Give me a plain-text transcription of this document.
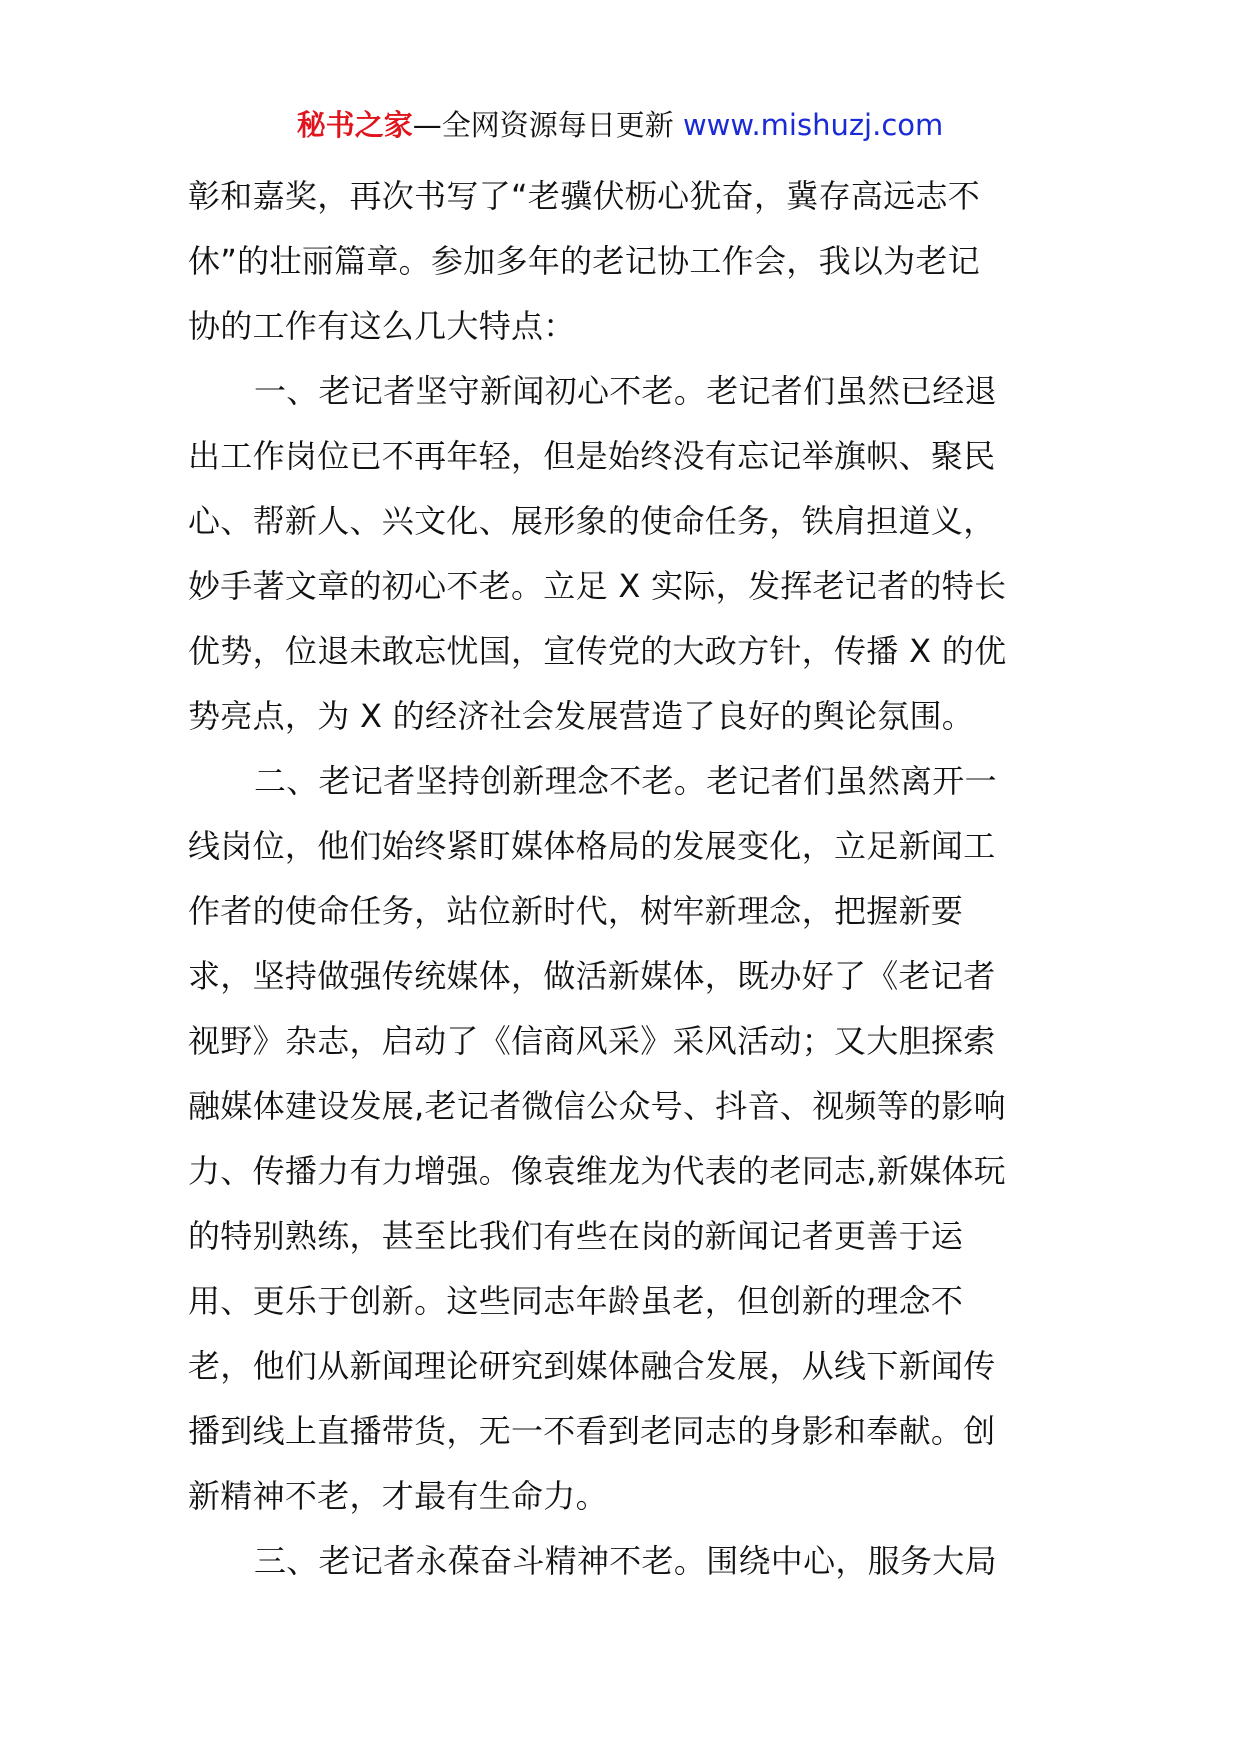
秘书之家—全网资源每日更新 www.mishuzj.com
彰和嘉奖，再次书写了“老骥伏枥心犹奋，冀存高远志不
休”的壮丽篇章。参加多年的老记协工作会，我以为老记
协的工作有这么几大特点：
一、老记者坚守新闻初心不老。老记者们虽然已经退
出工作岗位已不再年轻，但是始终没有忘记举旗帜、聚民
心、帮新人、兴文化、展形象的使命任务，铁肩担道义，
妙手著文章的初心不老。立足 X 实际，发挥老记者的特长
优势，位退未敢忘忧国，宣传党的大政方针，传播 X 的优
势亮点，为 X 的经济社会发展营造了良好的舆论氛围。
二、老记者坚持创新理念不老。老记者们虽然离开一
线岗位，他们始终紧盯媒体格局的发展变化，立足新闻工
作者的使命任务，站位新时代，树牢新理念，把握新要
求，坚持做强传统媒体，做活新媒体，既办好了《老记者
视野》杂志，启动了《信商风采》采风活动；又大胆探索
融媒体建设发展,老记者微信公众号、抖音、视频等的影响
力、传播力有力增强。像袁维龙为代表的老同志,新媒体玩
的特别熟练，甚至比我们有些在岗的新闻记者更善于运
用、更乐于创新。这些同志年龄虽老，但创新的理念不
老，他们从新闻理论研究到媒体融合发展，从线下新闻传
播到线上直播带货，无一不看到老同志的身影和奉献。创
新精神不老，才最有生命力。
三、老记者永葆奋斗精神不老。围绕中心，服务大局
